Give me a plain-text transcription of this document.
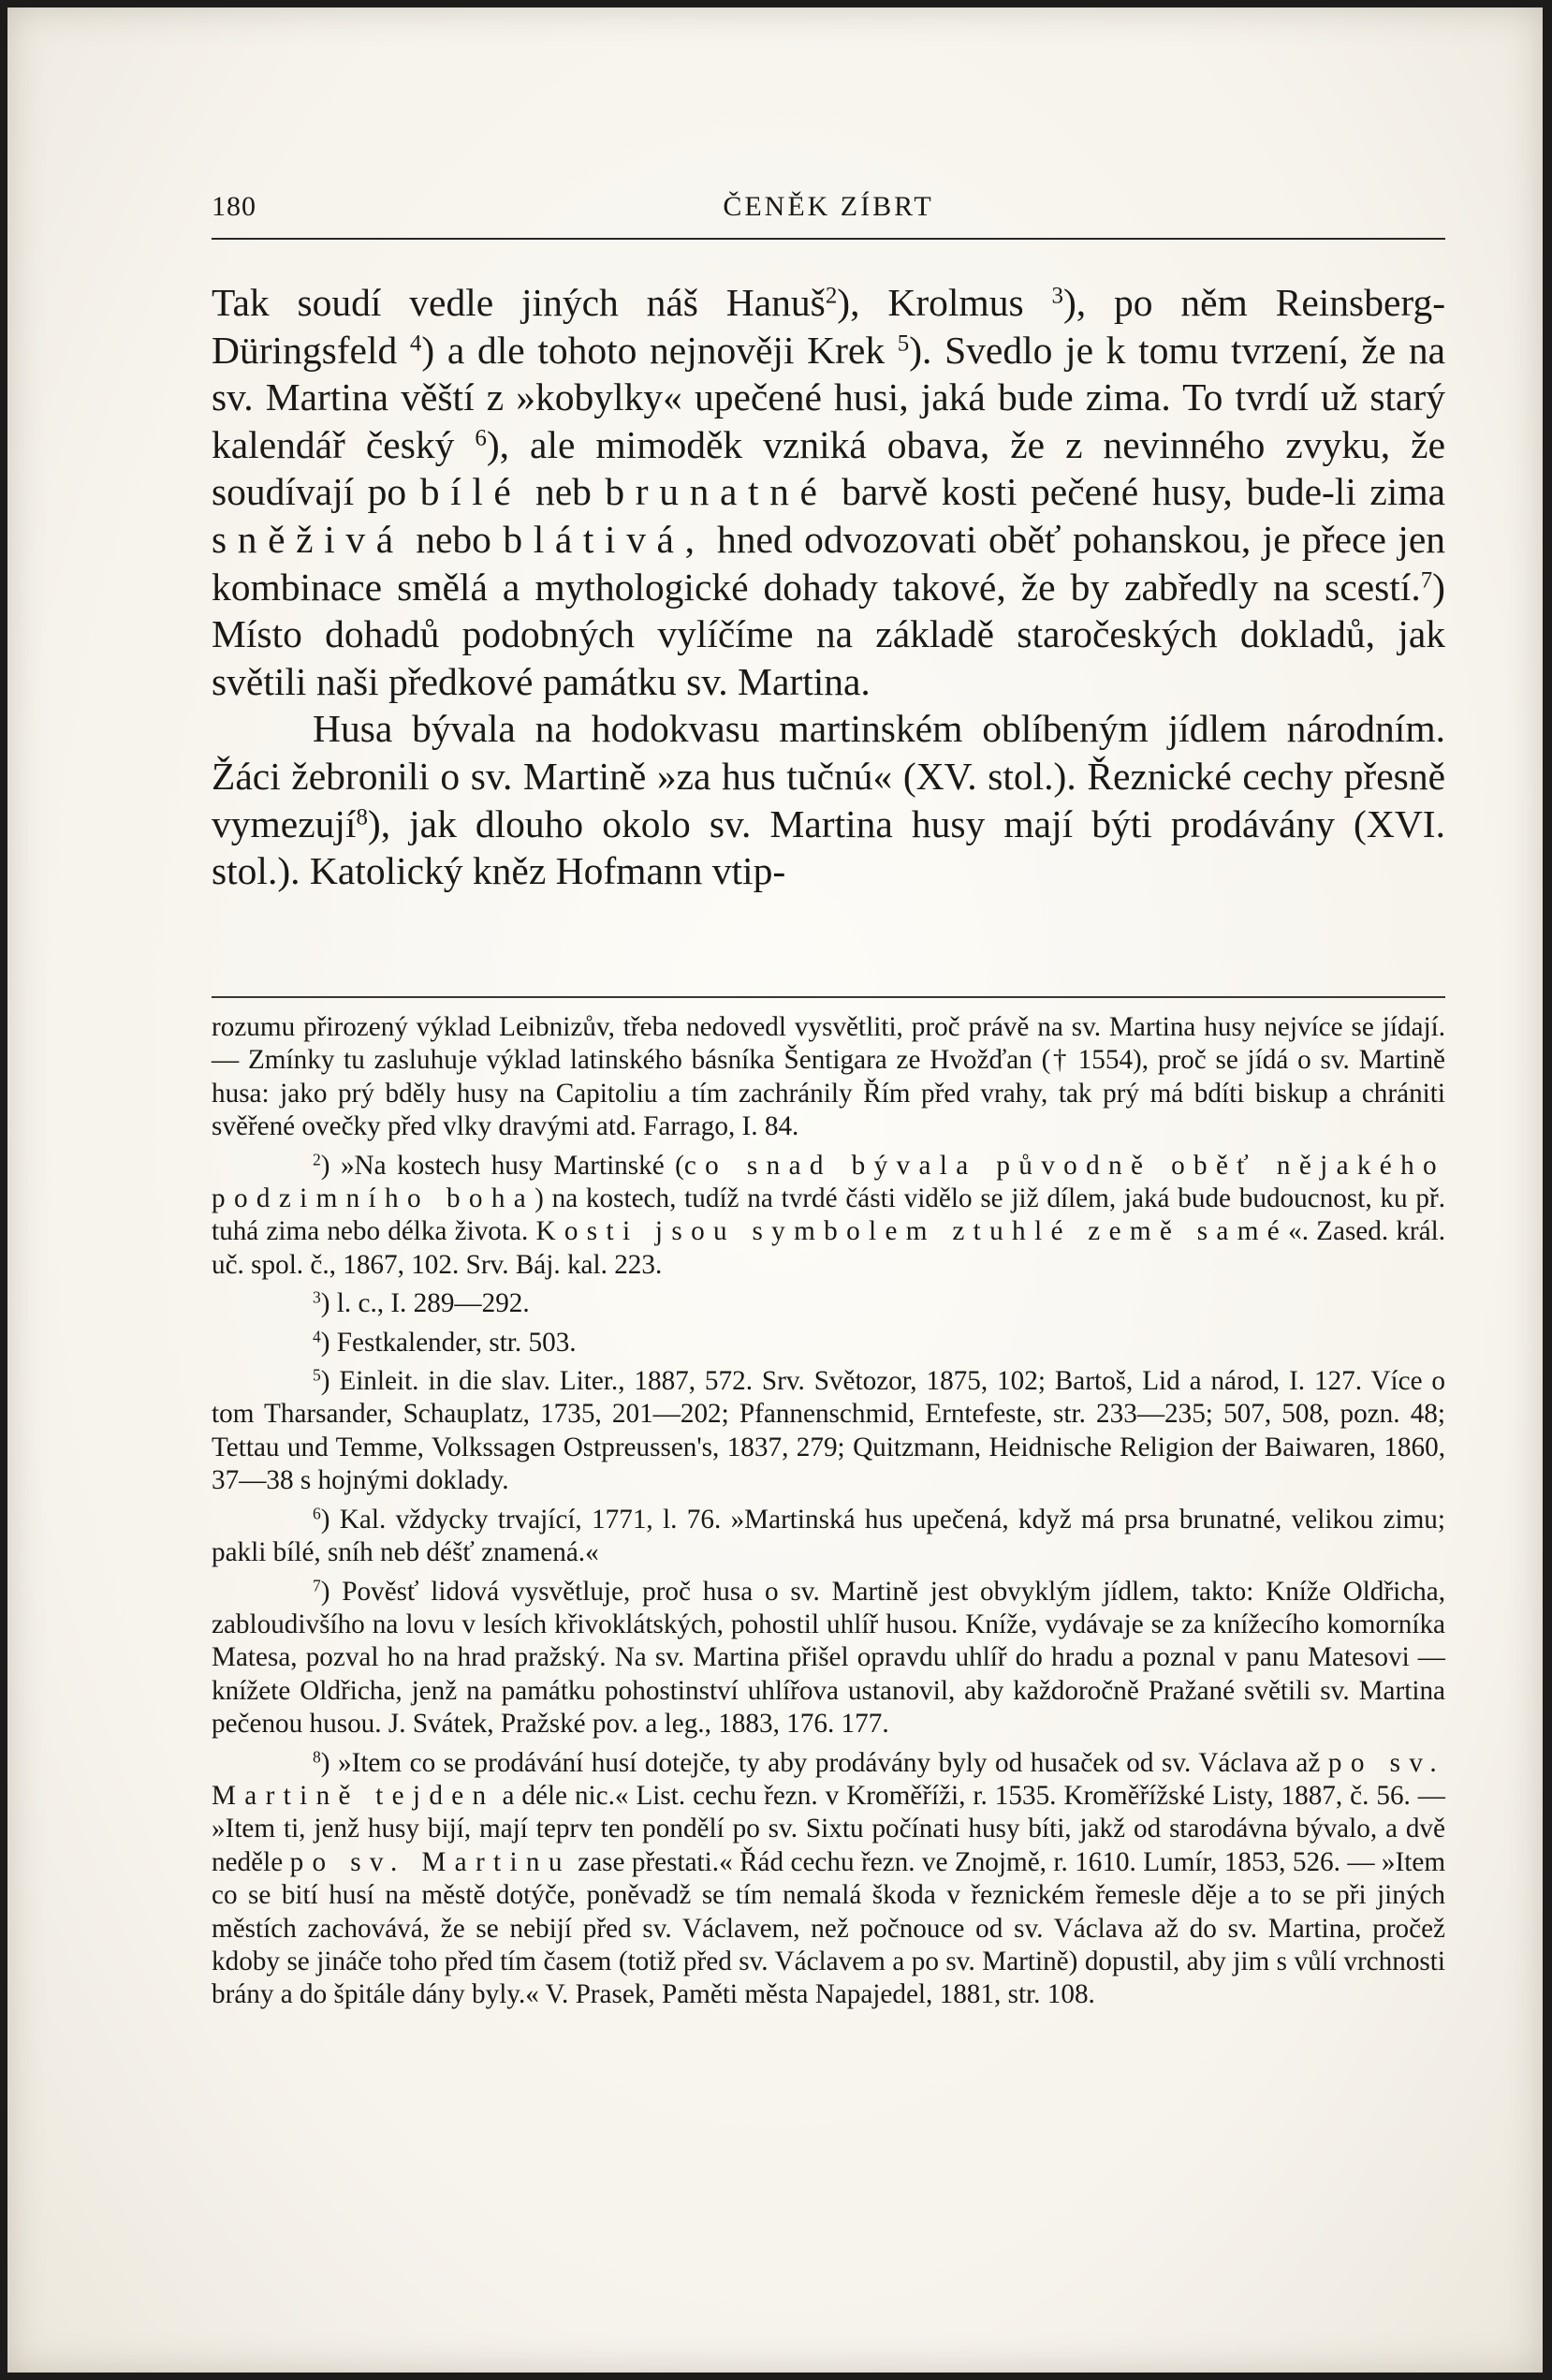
180	ČENĚK ZÍBRT

Tak soudí vedle jiných náš Hanuš$^2$), Krolmus $^3$), po něm Reinsberg-Düringsfeld $^4$) a dle tohoto nejnověji Krek $^5$). Svedlo je k tomu tvrzení, že na sv. Martina věští z »kobylky« upečené husi, jaká bude zima. To tvrdí už starý kalendář český $^6$), ale mimoděk vzniká obava, že z nevinného zvyku, že soudívají po bílé neb brunatné barvě kosti pečené husy, bude-li zima sněživá nebo blátivá, hned odvozovati oběť pohanskou, je přece jen kombinace smělá a mythologické dohady takové, že by zabředly na scestí.$^7$) Místo dohadů podobných vylíčíme na základě staročeských dokladů, jak světili naši předkové památku sv. Martina.

Husa bývala na hodokvasu martinském oblíbeným jídlem národním. Žáci žebronili o sv. Martině »za hus tučnú« (XV. stol.). Řeznické cechy přesně vymezují$^8$), jak dlouho okolo sv. Martina husy mají býti prodávány (XVI. stol.). Katolický kněz Hofmann vtip-

rozumu přirozený výklad Leibnizův, třeba nedovedl vysvětliti, proč právě na sv. Martina husy nejvíce se jídají. — Zmínky tu zasluhuje výklad latinského básníka Šentigara ze Hvožďan († 1554), proč se jídá o sv. Martině husa: jako prý bděly husy na Capitoliu a tím zachránily Řím před vrahy, tak prý má bdíti biskup a chrániti svěřené ovečky před vlky dravými atd. Farrago, I. 84.

$^2$) »Na kostech husy Martinské (co snad bývala původně oběť nějakého podzimního boha) na kostech, tudíž na tvrdé části vidělo se již dílem, jaká bude budoucnost, ku př. tuhá zima nebo délka života. Kosti jsou symbolem ztuhlé země samé«. Zased. král. uč. spol. č., 1867, 102. Srv. Báj. kal. 223.

$^3$) l. c., I. 289—292.

$^4$) Festkalender, str. 503.

$^5$) Einleit. in die slav. Liter., 1887, 572. Srv. Světozor, 1875, 102; Bartoš, Lid a národ, I. 127. Více o tom Tharsander, Schauplatz, 1735, 201—202; Pfannenschmid, Erntefeste, str. 233—235; 507, 508, pozn. 48; Tettau und Temme, Volkssagen Ostpreussen's, 1837, 279; Quitzmann, Heidnische Religion der Baiwaren, 1860, 37—38 s hojnými doklady.

$^6$) Kal. vždycky trvající, 1771, l. 76. »Martinská hus upečená, když má prsa brunatné, velikou zimu; pakli bílé, sníh neb déšť znamená.«

$^7$) Pověsť lidová vysvětluje, proč husa o sv. Martině jest obvyklým jídlem, takto: Kníže Oldřicha, zabloudivšího na lovu v lesích křivoklátských, pohostil uhlíř husou. Kníže, vydávaje se za knížecího komorníka Matesa, pozval ho na hrad pražský. Na sv. Martina přišel opravdu uhlíř do hradu a poznal v panu Matesovi — knížete Oldřicha, jenž na památku pohostinství uhlířova ustanovil, aby každoročně Pražané světili sv. Martina pečenou husou. J. Svátek, Pražské pov. a leg., 1883, 176. 177.

$^8$) »Item co se prodávání husí dotejče, ty aby prodávány byly od husaček od sv. Václava až po sv. Martině tejden a déle nic.« List. cechu řezn. v Kroměříži, r. 1535. Kroměřížské Listy, 1887, č. 56. — »Item ti, jenž husy bijí, mají teprv ten pondělí po sv. Sixtu počínati husy bíti, jakž od starodávna bývalo, a dvě neděle po sv. Martinu zase přestati.« Řád cechu řezn. ve Znojmě, r. 1610. Lumír, 1853, 526. — »Item co se bití husí na městě dotýče, poněvadž se tím nemalá škoda v řeznickém řemesle děje a to se při jiných městích zachovává, že se nebijí před sv. Václavem, než počnouce od sv. Václava až do sv. Martina, pročež kdoby se jináče toho před tím časem (totiž před sv. Václavem a po sv. Martině) dopustil, aby jim s vůlí vrchnosti brány a do špitále dány byly.« V. Prasek, Paměti města Napajedel, 1881, str. 108.
